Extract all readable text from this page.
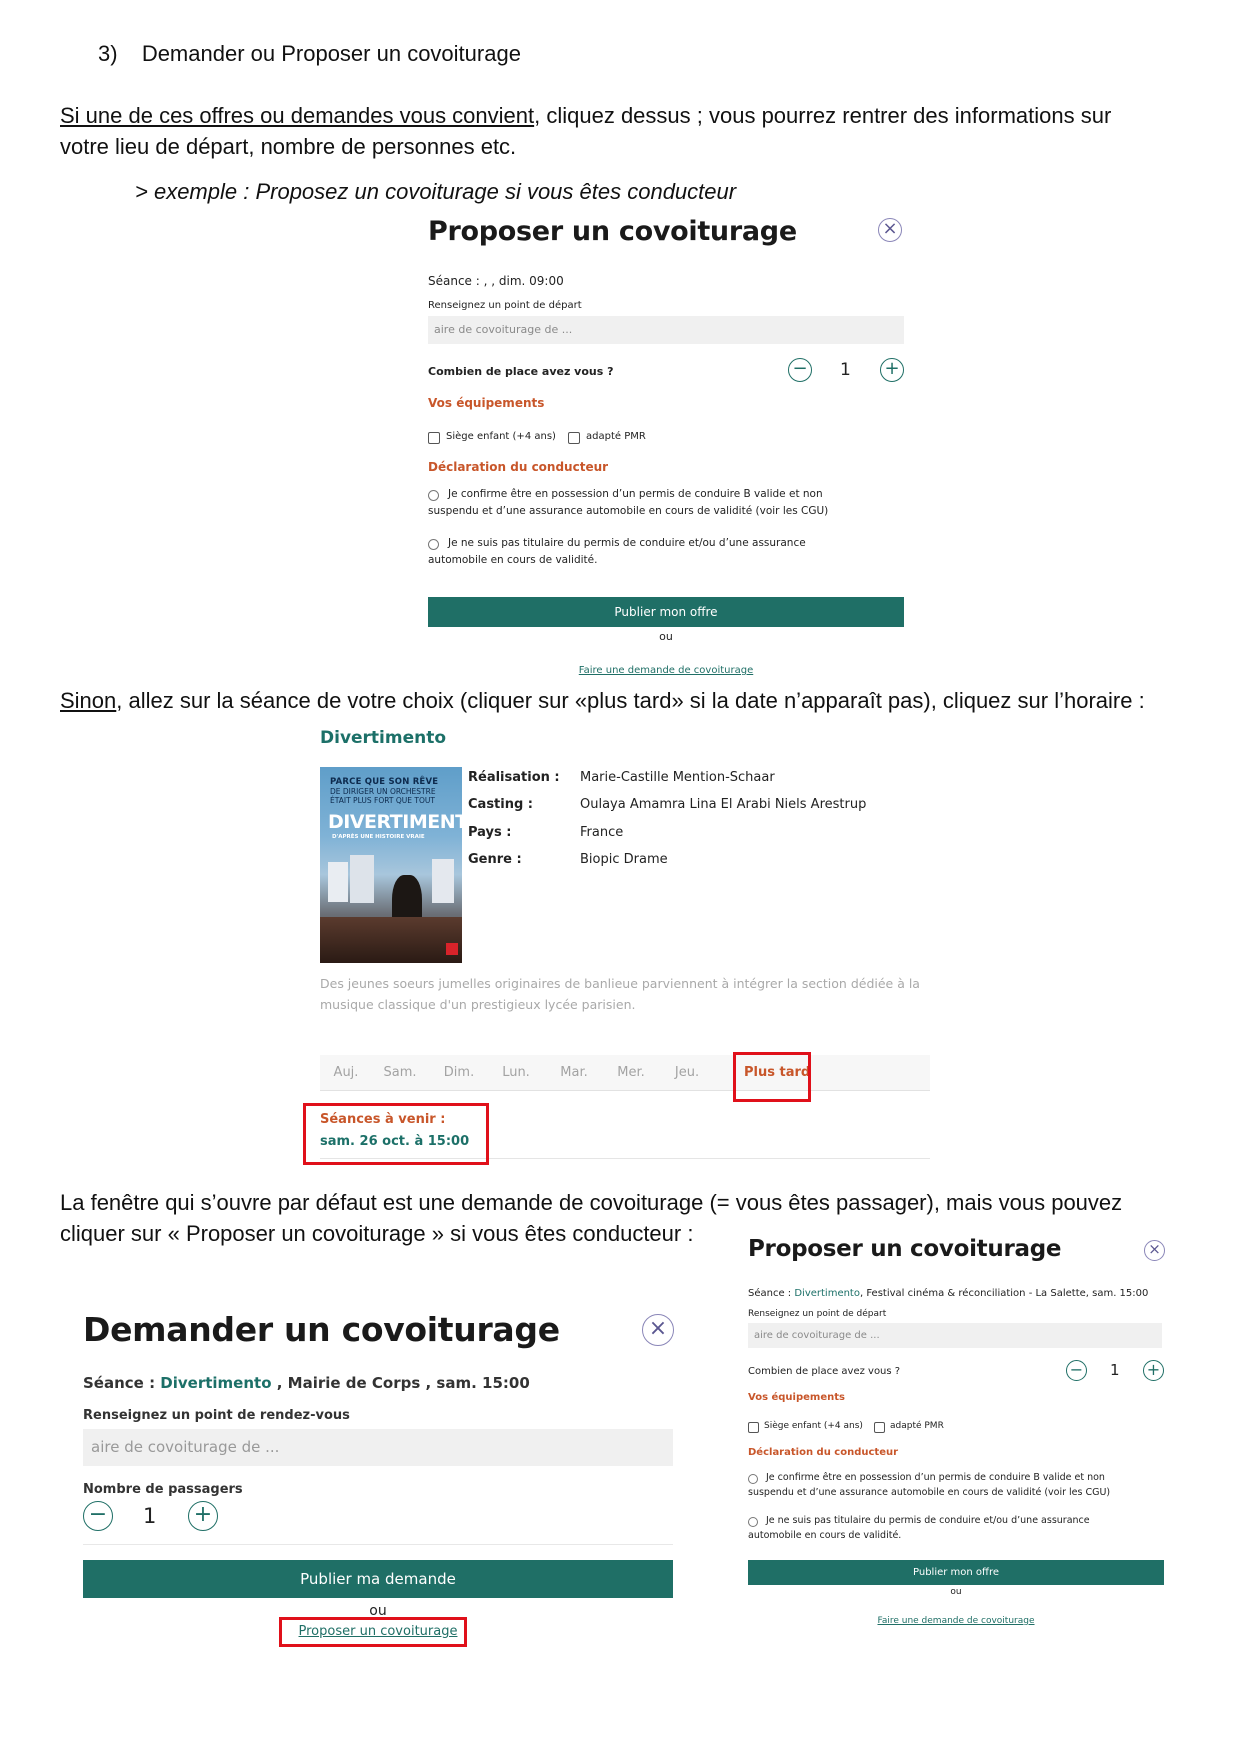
3) Demander ou Proposer un covoiturage
Si une de ces offres ou demandes vous convient, cliquez dessus ; vous pourrez rentrer des informations sur
votre lieu de départ, nombre de personnes etc.
> exemple : Proposez un covoiturage si vous êtes conducteur
Proposer un covoiturage	×
Séance : , , dim. 09:00
Renseignez un point de départ
aire de covoiturage de ...
Combien de place avez vous ?	− 1 +
Vos équipements
Siège enfant (+4 ans)	adapté PMR
Déclaration du conducteur
Je confirme être en possession d’un permis de conduire B valide et non
suspendu et d’une assurance automobile en cours de validité (voir les CGU)
Je ne suis pas titulaire du permis de conduire et/ou d’une assurance
automobile en cours de validité.
Publier mon offre
ou
Faire une demande de covoiturage
Sinon, allez sur la séance de votre choix (cliquer sur «plus tard» si la date n’apparaît pas), cliquez sur l’horaire :
Divertimento
PARCE QUE SON RÊVE
DE DIRIGER UN ORCHESTRE
ÉTAIT PLUS FORT QUE TOUT
DIVERTIMENTO
D'APRÈS UNE HISTOIRE VRAIE
Réalisation : Marie-Castille Mention-Schaar
Casting :	Oulaya Amamra Lina El Arabi Niels Arestrup
Pays :	France
Genre :	Biopic Drame
Des jeunes soeurs jumelles originaires de banlieue parviennent à intégrer la section dédiée à la
musique classique d'un prestigieux lycée parisien.
Auj.	Sam.	Dim.	Lun.	Mar.	Mer.	Jeu.	Plus tard
Séances à venir :
sam. 26 oct. à 15:00
La fenêtre qui s’ouvre par défaut est une demande de covoiturage (= vous êtes passager), mais vous pouvez
cliquer sur « Proposer un covoiturage » si vous êtes conducteur :
Demander un covoiturage	×
Séance : Divertimento , Mairie de Corps , sam. 15:00
Renseignez un point de rendez-vous
aire de covoiturage de ...
Nombre de passagers
− 1 +
Publier ma demande
ou
Proposer un covoiturage
Proposer un covoiturage	×
Séance : Divertimento, Festival cinéma & réconciliation - La Salette, sam. 15:00
Renseignez un point de départ
aire de covoiturage de ...
Combien de place avez vous ?	− 1 +
Vos équipements
Siège enfant (+4 ans)	adapté PMR
Déclaration du conducteur
Je confirme être en possession d’un permis de conduire B valide et non
suspendu et d’une assurance automobile en cours de validité (voir les CGU)
Je ne suis pas titulaire du permis de conduire et/ou d’une assurance
automobile en cours de validité.
Publier mon offre
ou
Faire une demande de covoiturage
